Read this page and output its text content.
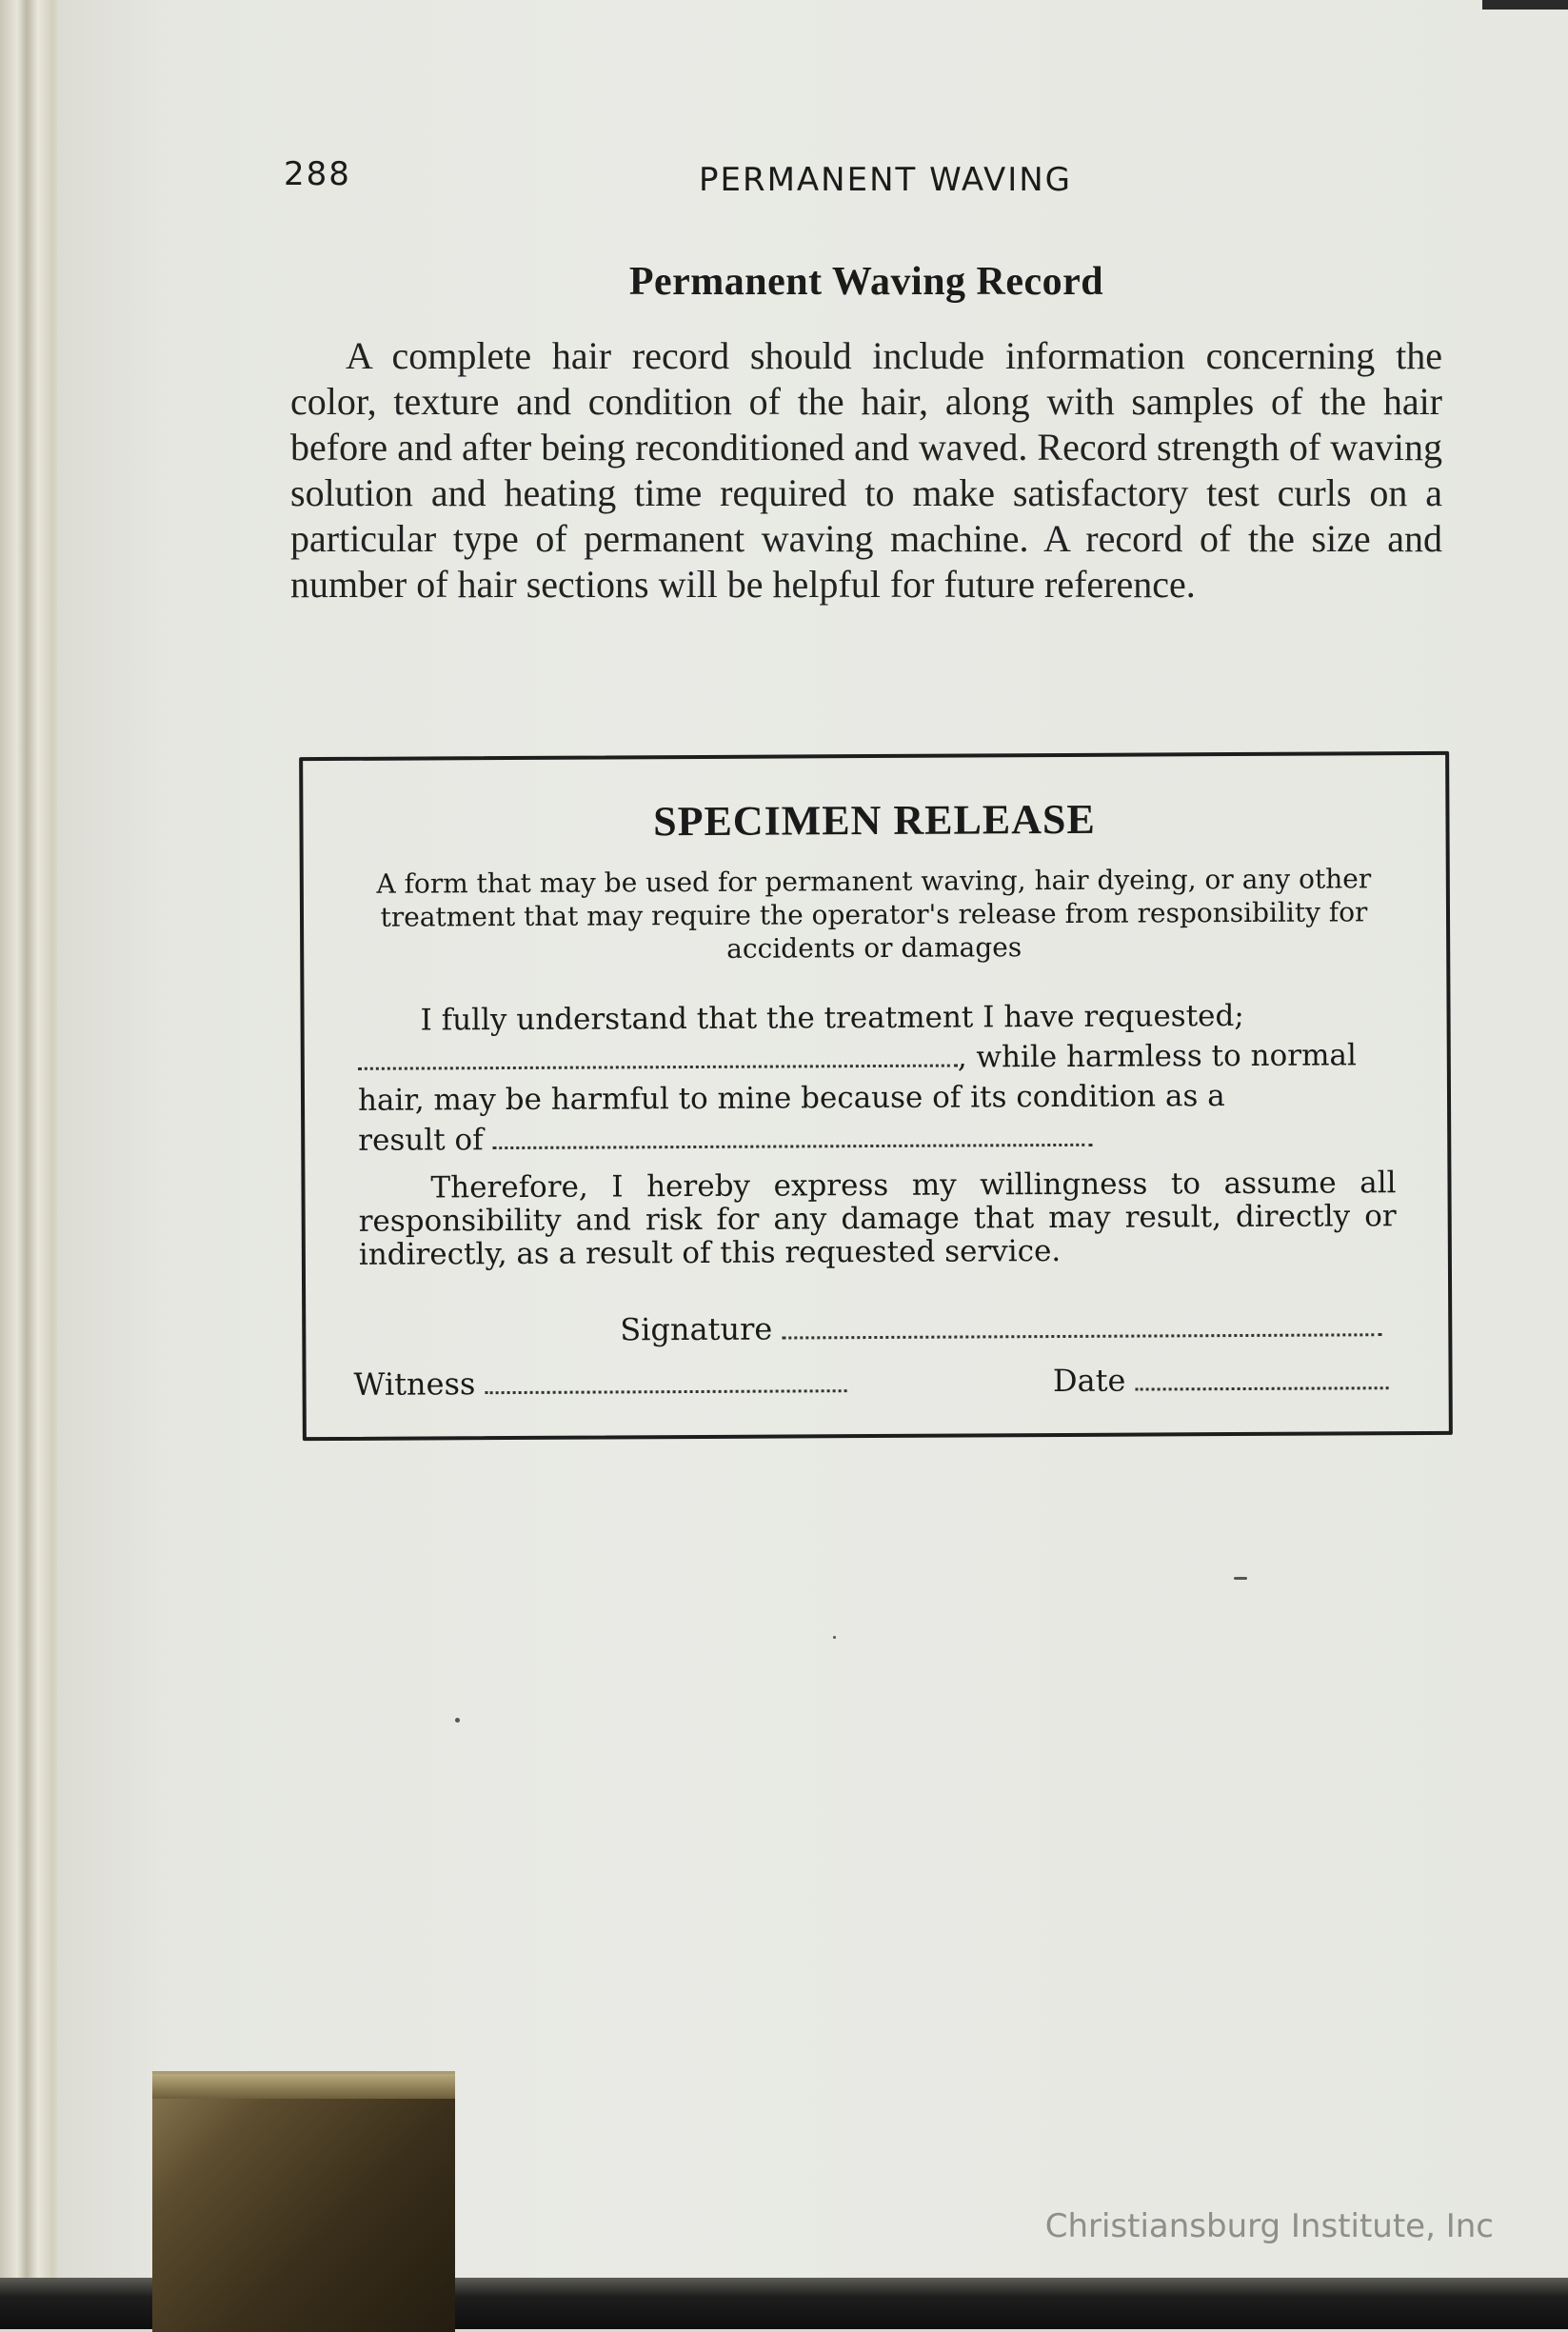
288	PERMANENT WAVING
Permanent Waving Record
A complete hair record should include information concerning the color, texture and condition of the hair, along with samples of the hair before and after being reconditioned and waved. Record strength of waving solution and heating time required to make satisfactory test curls on a particular type of permanent waving machine. A record of the size and number of hair sections will be helpful for future reference.
SPECIMEN RELEASE
A form that may be used for permanent waving, hair dyeing, or any other treatment that may require the operator's release from responsibility for accidents or damages
I fully understand that the treatment I have requested;
, while harmless to normal
hair, may be harmful to mine because of its condition as a
result of
Therefore, I hereby express my willingness to assume all responsibility and risk for any damage that may result, directly or indirectly, as a result of this requested service.
Signature
Witness	Date
Christiansburg Institute, Inc
